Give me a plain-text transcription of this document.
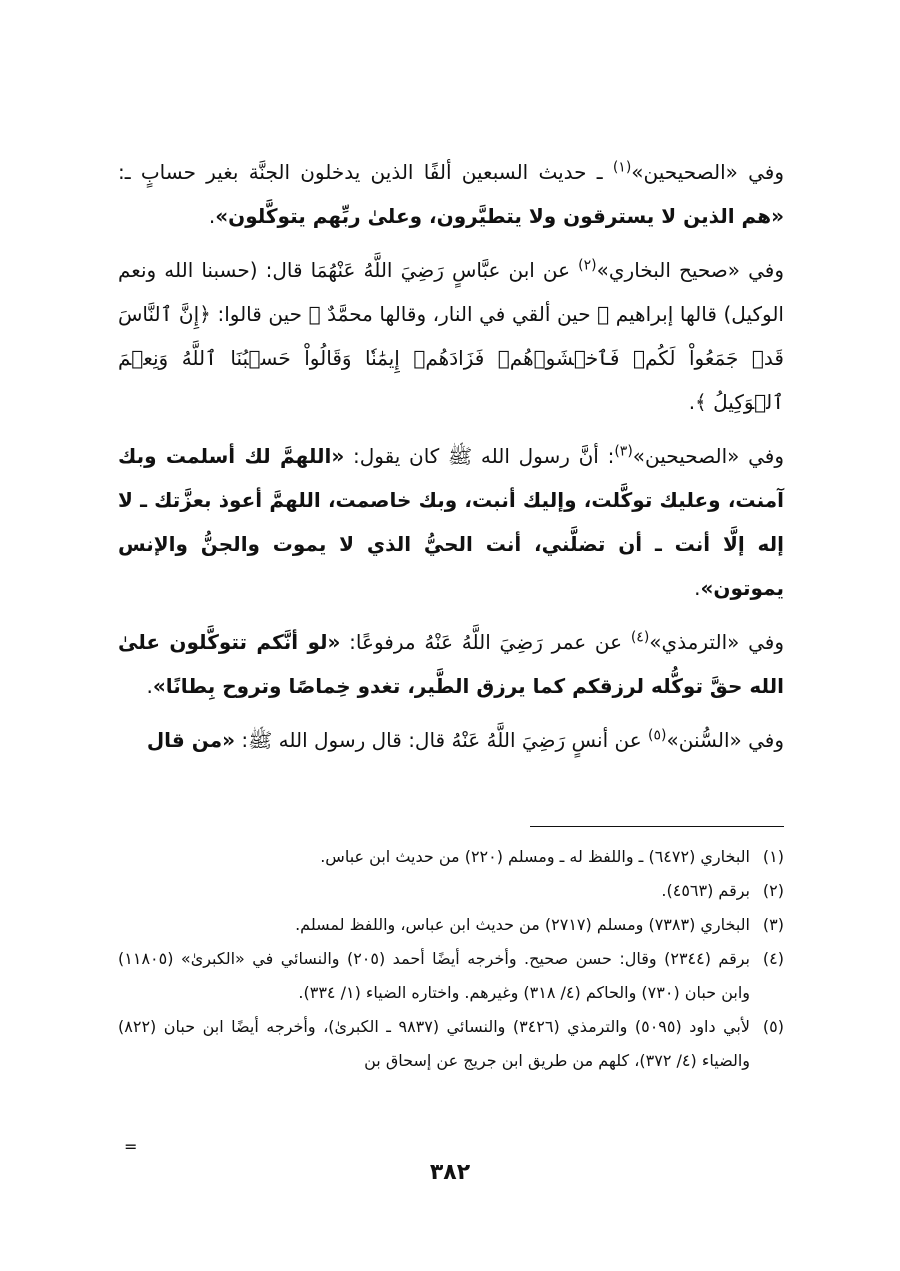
وفي «الصحيحين»$^{(١)}$ ـ حديث السبعين ألفًا الذين يدخلون الجنَّة بغير حسابٍ ـ: «هم الذين لا يسترقون ولا يتطيَّرون، وعلىٰ ربِّهم يتوكَّلون».

وفي «صحيح البخاري»$^{(٢)}$ عن ابن عبَّاسٍ رَضِيَ اللَّهُ عَنْهُمَا قال: (حسبنا الله ونعم الوكيل) قالها إبراهيم ﷺ حين ألقي في النار، وقالها محمَّدٌ ﷺ حين قالوا: ﴿إِنَّ ٱلنَّاسَ قَدۡ جَمَعُواْ لَكُمۡ فَٱخۡشَوۡهُمۡ فَزَادَهُمۡ إِيمَٰنٗا وَقَالُواْ حَسۡبُنَا ٱللَّهُ وَنِعۡمَ ٱلۡوَكِيلُ ﴾.

وفي «الصحيحين»$^{(٣)}$: أنَّ رسول الله ﷺ كان يقول: «اللهمَّ لك أسلمت وبك آمنت، وعليك توكَّلت، وإليك أنبت، وبك خاصمت، اللهمَّ أعوذ بعزَّتك ـ لا إله إلَّا أنت ـ أن تضلَّني، أنت الحيُّ الذي لا يموت والجنُّ والإنس يموتون».

وفي «الترمذي»$^{(٤)}$ عن عمر رَضِيَ اللَّهُ عَنْهُ مرفوعًا: «لو أنَّكم تتوكَّلون علىٰ الله حقَّ توكُّله لرزقكم كما يرزق الطَّير، تغدو خِماصًا وتروح بِطانًا».

وفي «السُّنن»$^{(٥)}$ عن أنسٍ رَضِيَ اللَّهُ عَنْهُ قال: قال رسول الله ﷺ: «من قال

(١)
البخاري (٦٤٧٢) ـ واللفظ له ـ ومسلم (٢٢٠) من حديث ابن عباس.
(٢)
برقم (٤٥٦٣).
(٣)
البخاري (٧٣٨٣) ومسلم (٢٧١٧) من حديث ابن عباس، واللفظ لمسلم.
(٤)
برقم (٢٣٤٤) وقال: حسن صحيح. وأخرجه أيضًا أحمد (٢٠٥) والنسائي في «الكبرىٰ» (١١٨٠٥) وابن حبان (٧٣٠) والحاكم (٤/ ٣١٨) وغيرهم. واختاره الضياء (١/ ٣٣٤).
(٥)
لأبي داود (٥٠٩٥) والترمذي (٣٤٢٦) والنسائي (٩٨٣٧ ـ الكبرىٰ)، وأخرجه أيضًا ابن حبان (٨٢٢) والضياء (٤/ ٣٧٢)، كلهم من طريق ابن جريج عن إسحاق بن
=
٣٨٢
